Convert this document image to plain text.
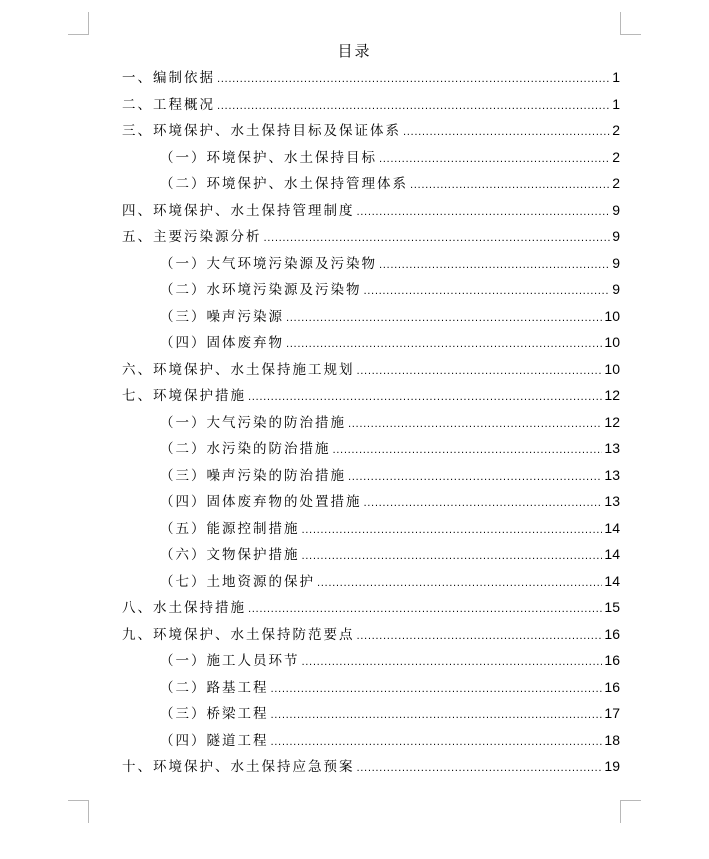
目录
一、编制依据 .....	1
二、工程概况 .....	1
三、环境保护、水土保持目标及保证体系 .....	2
（一）环境保护、水土保持目标 .....	2
（二）环境保护、水土保持管理体系 .....	2
四、环境保护、水土保持管理制度 .....	9
五、主要污染源分析 .....	9
（一）大气环境污染源及污染物 .....	9
（二）水环境污染源及污染物 .....	9
（三）噪声污染源 .....	10
（四）固体废弃物 .....	10
六、环境保护、水土保持施工规划 .....	10
七、环境保护措施 .....	12
（一）大气污染的防治措施 .....	12
（二）水污染的防治措施 .....	13
（三）噪声污染的防治措施 .....	13
（四）固体废弃物的处置措施 .....	13
（五）能源控制措施 .....	14
（六）文物保护措施 .....	14
（七）土地资源的保护 .....	14
八、水土保持措施 .....	15
九、环境保护、水土保持防范要点 .....	16
（一）施工人员环节 .....	16
（二）路基工程 .....	16
（三）桥梁工程 .....	17
（四）隧道工程 .....	18
十、环境保护、水土保持应急预案 .....	19
